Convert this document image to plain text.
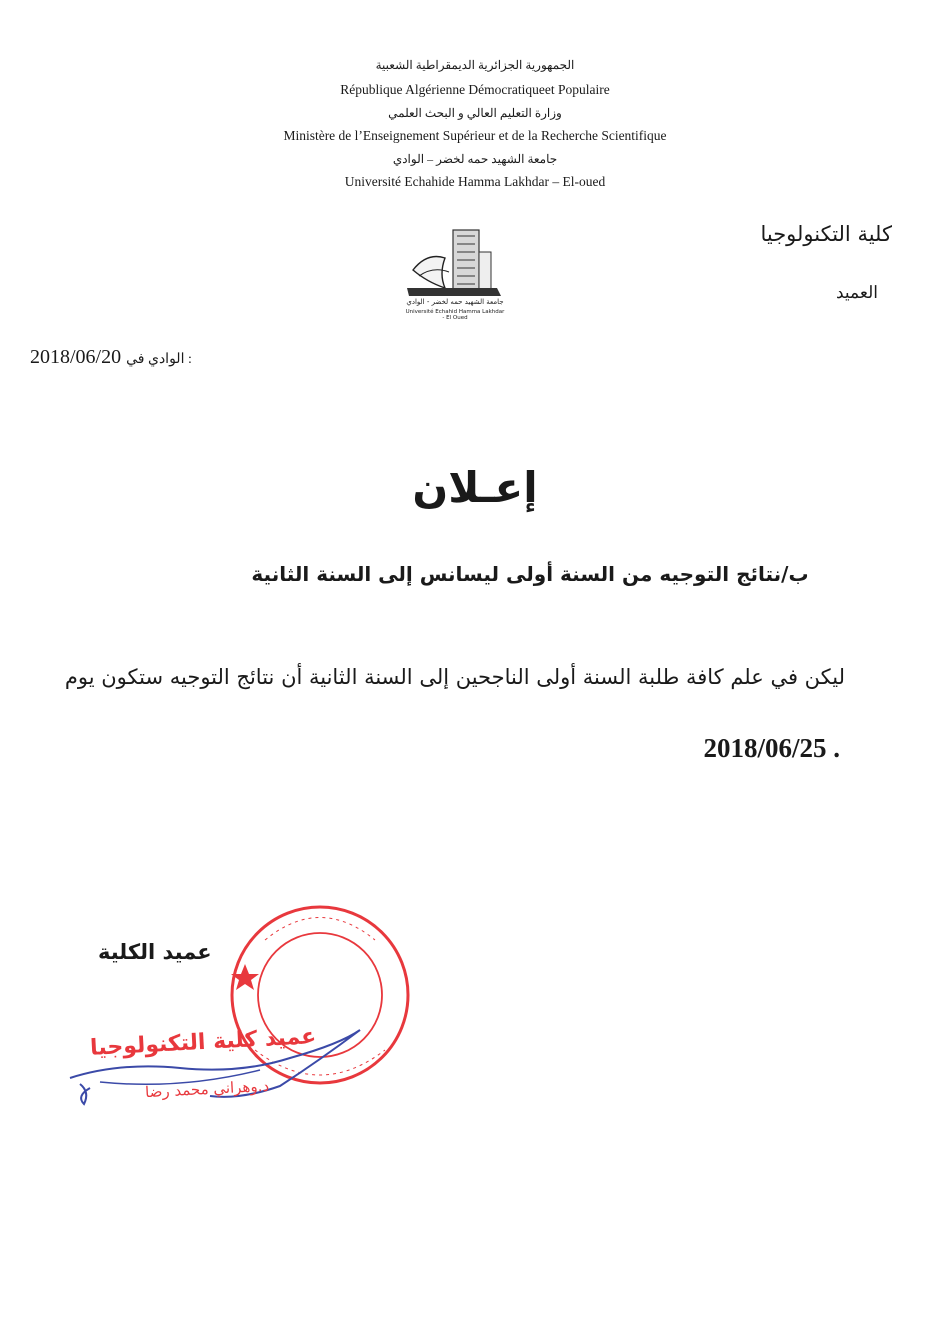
الجمهورية الجزائرية الديمقراطية الشعبية
République Algérienne Démocratiqueet Populaire
وزارة التعليم العالي و البحث العلمي
Ministère de l’Enseignement Supérieur et de la Recherche Scientifique
جامعة الشهيد حمه لخضر – الوادي
Université Echahide Hamma Lakhdar – El-oued
كلية التكنولوجيا
العميد
جامعة الشهيد حمه لخضر - الوادي
Université Echahid Hamma Lakhdar - El Oued
2018/06/20 الوادي في :
إعـلان
ب/نتائج التوجيه من السنة أولى ليسانس إلى السنة الثانية
ليكن في علم كافة طلبة السنة أولى الناجحين إلى السنة الثانية أن نتائج التوجيه ستكون يوم
. 2018/06/25
عميد الكلية
عميد كلية التكنولوجيا
د.وهراني محمد رضا
